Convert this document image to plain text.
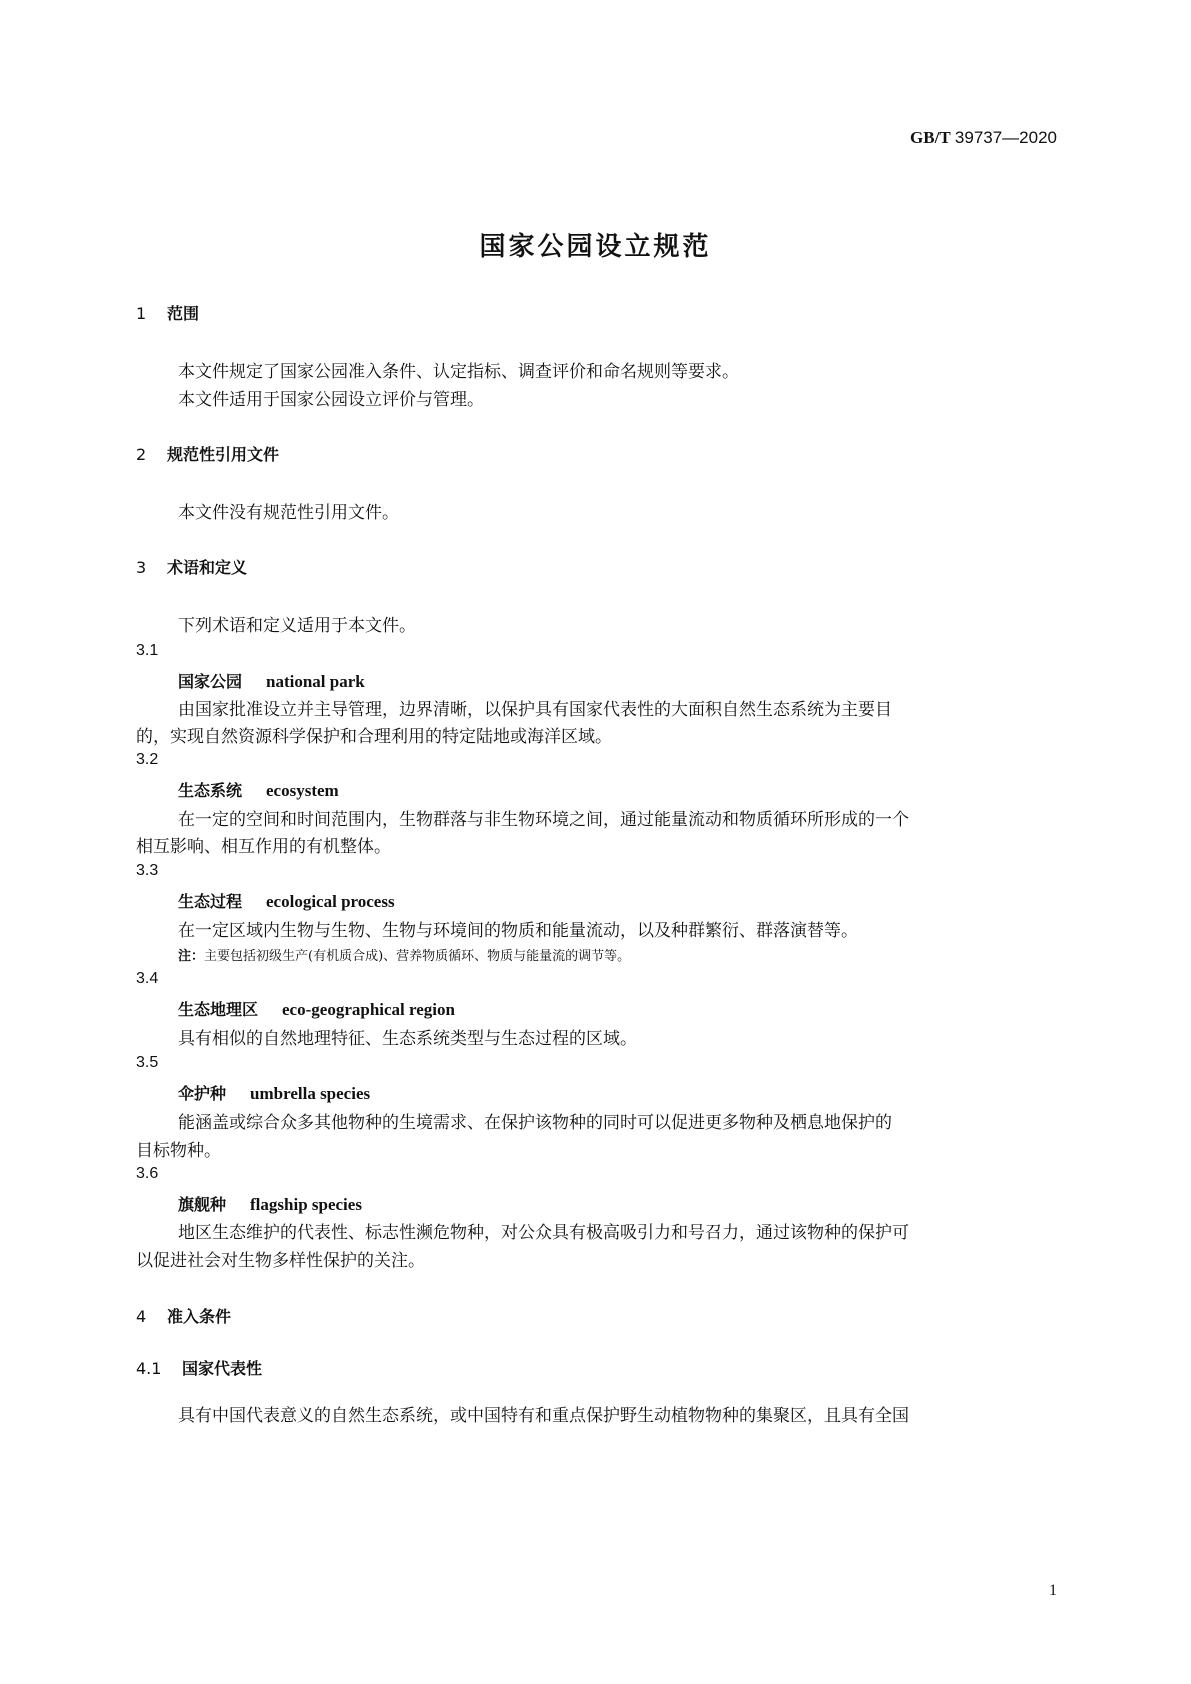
GB/T 39737—2020
国家公园设立规范
1 范围
本文件规定了国家公园准入条件、认定指标、调查评价和命名规则等要求。
本文件适用于国家公园设立评价与管理。
2 规范性引用文件
本文件没有规范性引用文件。
3 术语和定义
下列术语和定义适用于本文件。
3.1
国家公园 national park
由国家批准设立并主导管理，边界清晰，以保护具有国家代表性的大面积自然生态系统为主要目
的，实现自然资源科学保护和合理利用的特定陆地或海洋区域。
3.2
生态系统 ecosystem
在一定的空间和时间范围内，生物群落与非生物环境之间，通过能量流动和物质循环所形成的一个
相互影响、相互作用的有机整体。
3.3
生态过程 ecological process
在一定区域内生物与生物、生物与环境间的物质和能量流动，以及种群繁衍、群落演替等。
注：主要包括初级生产(有机质合成)、营养物质循环、物质与能量流的调节等。
3.4
生态地理区 eco-geographical region
具有相似的自然地理特征、生态系统类型与生态过程的区域。
3.5
伞护种 umbrella species
能涵盖或综合众多其他物种的生境需求、在保护该物种的同时可以促进更多物种及栖息地保护的
目标物种。
3.6
旗舰种 flagship species
地区生态维护的代表性、标志性濒危物种，对公众具有极高吸引力和号召力，通过该物种的保护可
以促进社会对生物多样性保护的关注。
4 准入条件
4.1 国家代表性
具有中国代表意义的自然生态系统，或中国特有和重点保护野生动植物物种的集聚区，且具有全国
1
